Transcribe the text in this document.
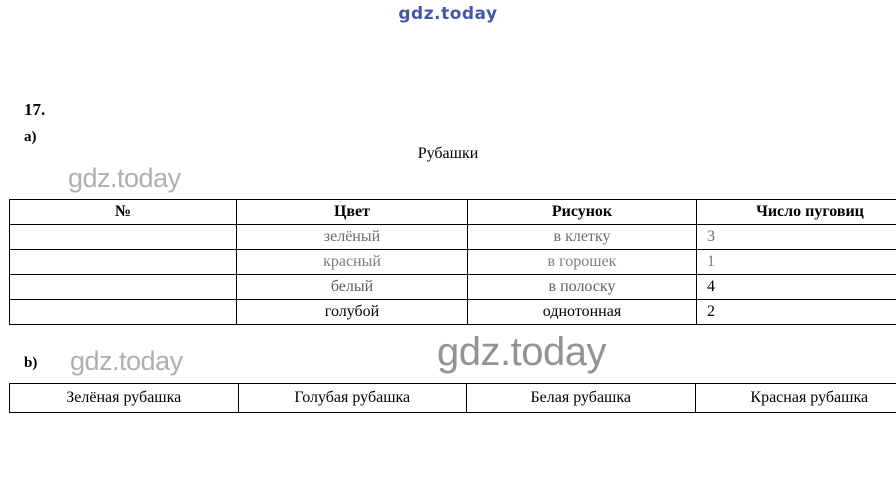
gdz.today
17.
a)
Рубашки
gdz.today
№	Цвет	Рисунок	Число пуговиц
	зелёный	в клетку	3
	красный	в горошек	1
	белый	в полоску	4
	голубой	однотонная	2
b) gdz.today	gdz.today
Зелёная рубашка	Голубая рубашка	Белая рубашка	Красная рубашка
